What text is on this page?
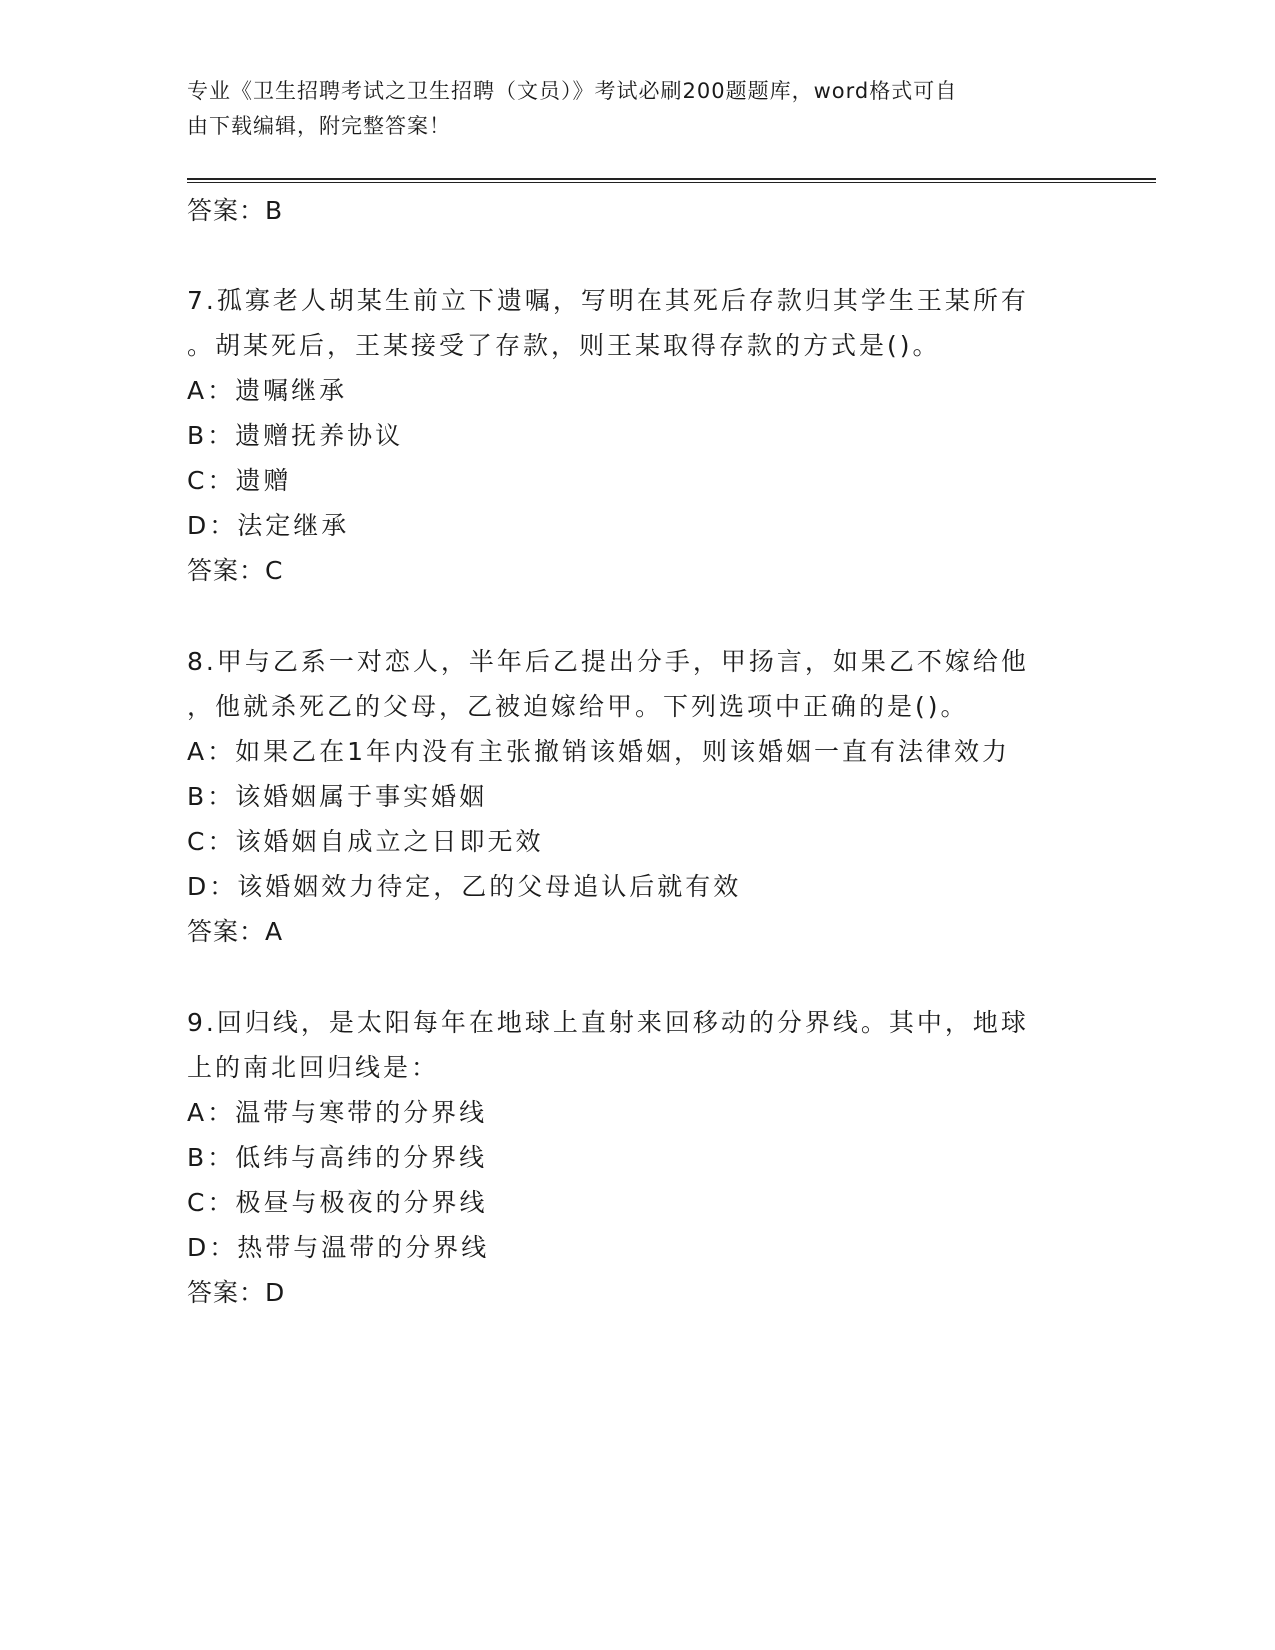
专业《卫生招聘考试之卫生招聘（文员）》考试必刷200题题库，word格式可自
由下载编辑，附完整答案！
答案：B
7.孤寡老人胡某生前立下遗嘱，写明在其死后存款归其学生王某所有
。胡某死后，王某接受了存款，则王某取得存款的方式是()。
A：遗嘱继承
B：遗赠抚养协议
C：遗赠
D：法定继承
答案：C
8.甲与乙系一对恋人，半年后乙提出分手，甲扬言，如果乙不嫁给他
，他就杀死乙的父母，乙被迫嫁给甲。下列选项中正确的是()。
A：如果乙在1年内没有主张撤销该婚姻，则该婚姻一直有法律效力
B：该婚姻属于事实婚姻
C：该婚姻自成立之日即无效
D：该婚姻效力待定，乙的父母追认后就有效
答案：A
9.回归线，是太阳每年在地球上直射来回移动的分界线。其中，地球
上的南北回归线是：
A：温带与寒带的分界线
B：低纬与高纬的分界线
C：极昼与极夜的分界线
D：热带与温带的分界线
答案：D
